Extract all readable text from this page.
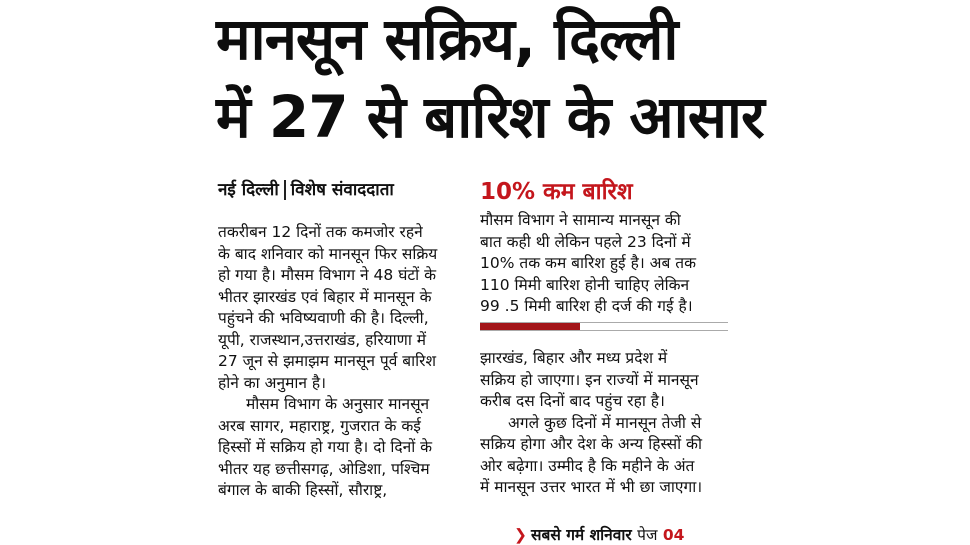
मानसून सक्रिय, दिल्ली
में 27 से बारिश के आसार
नई दिल्ली विशेष संवाददाता
तकरीबन 12 दिनों तक कमजोर रहने
के बाद शनिवार को मानसून फिर सक्रिय
हो गया है। मौसम विभाग ने 48 घंटों के
भीतर झारखंड एवं बिहार में मानसून के
पहुंचने की भविष्यवाणी की है। दिल्ली,
यूपी, राजस्थान,उत्तराखंड, हरियाणा में
27 जून से झमाझम मानसून पूर्व बारिश
होने का अनुमान है।
मौसम विभाग के अनुसार मानसून
अरब सागर, महाराष्ट्र, गुजरात के कई
हिस्सों में सक्रिय हो गया है। दो दिनों के
भीतर यह छत्तीसगढ़, ओडिशा, पश्चिम
बंगाल के बाकी हिस्सों, सौराष्ट्र,
10% कम बारिश
मौसम विभाग ने सामान्य मानसून की
बात कही थी लेकिन पहले 23 दिनों में
10% तक कम बारिश हुई है। अब तक
110 मिमी बारिश होनी चाहिए लेकिन
99 .5 मिमी बारिश ही दर्ज की गई है।
झारखंड, बिहार और मध्य प्रदेश में
सक्रिय हो जाएगा। इन राज्यों में मानसून
करीब दस दिनों बाद पहुंच रहा है।
अगले कुछ दिनों में मानसून तेजी से
सक्रिय होगा और देश के अन्य हिस्सों की
ओर बढ़ेगा। उम्मीद है कि महीने के अंत
में मानसून उत्तर भारत में भी छा जाएगा।
❯ सबसे गर्म शनिवार पेज 04
